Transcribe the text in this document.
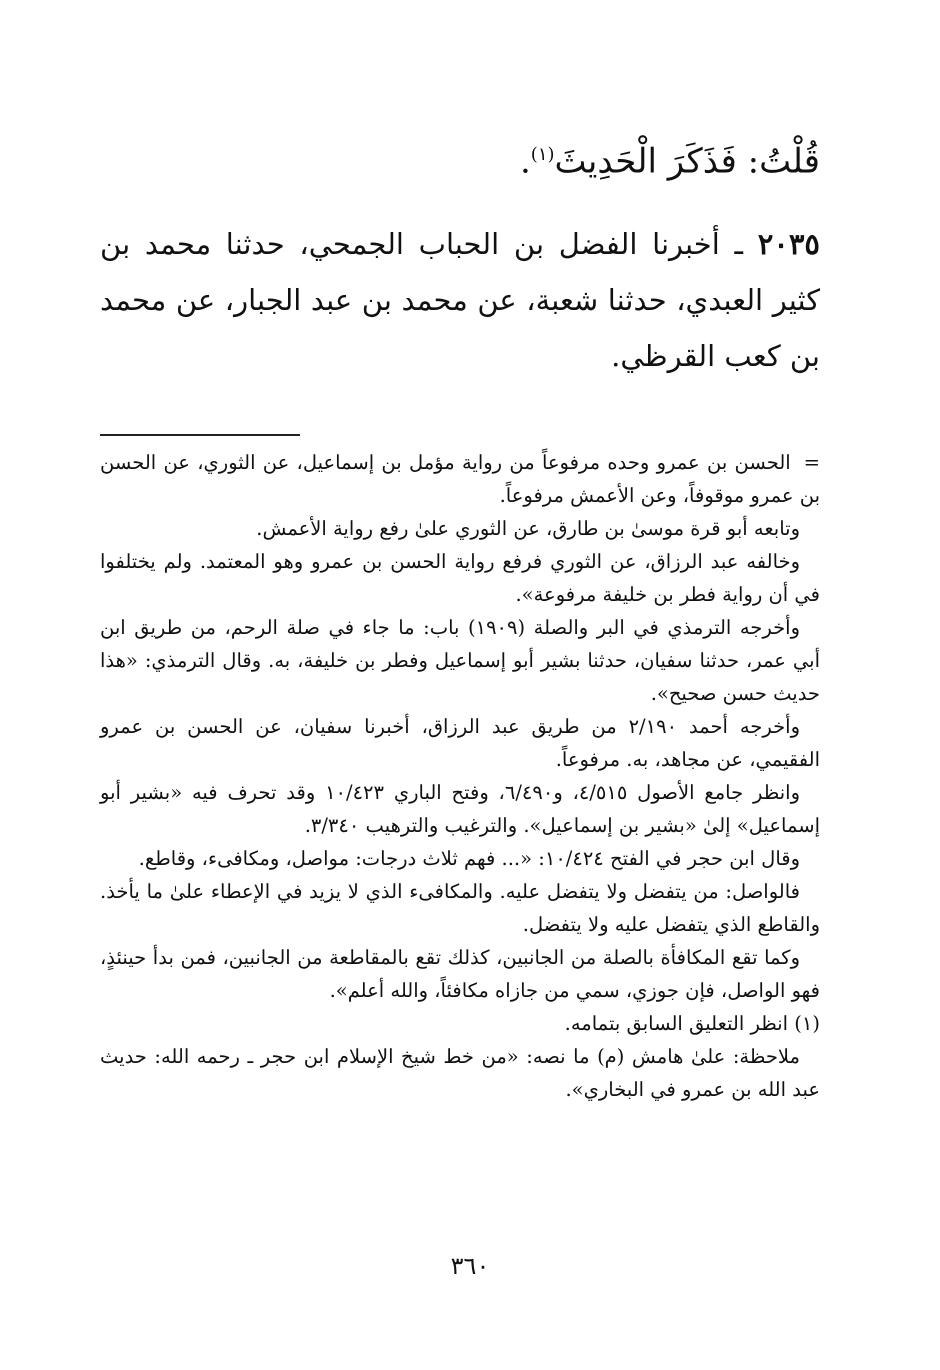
قُلْتُ: فَذَكَرَ الْحَدِيثَ$^{(١)}$.

٢٠٣٥ ـ أخبرنا الفضل بن الحباب الجمحي، حدثنا محمد بن كثير العبدي، حدثنا شعبة، عن محمد بن عبد الجبار، عن محمد بن كعب القرظي.

= الحسن بن عمرو وحده مرفوعاً من رواية مؤمل بن إسماعيل، عن الثوري، عن الحسن بن عمرو موقوفاً، وعن الأعمش مرفوعاً.

وتابعه أبو قرة موسىٰ بن طارق، عن الثوري علىٰ رفع رواية الأعمش.

وخالفه عبد الرزاق، عن الثوري فرفع رواية الحسن بن عمرو وهو المعتمد. ولم يختلفوا في أن رواية فطر بن خليفة مرفوعة».

وأخرجه الترمذي في البر والصلة (١٩٠٩) باب: ما جاء في صلة الرحم، من طريق ابن أبي عمر، حدثنا سفيان، حدثنا بشير أبو إسماعيل وفطر بن خليفة، به. وقال الترمذي: «هذا حديث حسن صحيح».

وأخرجه أحمد ٢/١٩٠ من طريق عبد الرزاق، أخبرنا سفيان، عن الحسن بن عمرو الفقيمي، عن مجاهد، به. مرفوعاً.

وانظر جامع الأصول ٤/٥١٥، و٦/٤٩٠، وفتح الباري ١٠/٤٢٣ وقد تحرف فيه «بشير أبو إسماعيل» إلىٰ «بشير بن إسماعيل». والترغيب والترهيب ٣/٣٤٠.

وقال ابن حجر في الفتح ١٠/٤٢٤: «... فهم ثلاث درجات: مواصل، ومكافىء، وقاطع.

فالواصل: من يتفضل ولا يتفضل عليه. والمكافىء الذي لا يزيد في الإعطاء علىٰ ما يأخذ. والقاطع الذي يتفضل عليه ولا يتفضل.

وكما تقع المكافأة بالصلة من الجانبين، كذلك تقع بالمقاطعة من الجانبين، فمن بدأ حينئذٍ، فهو الواصل، فإن جوزي، سمي من جازاه مكافئاً، والله أعلم».

(١) انظر التعليق السابق بتمامه.

ملاحظة: علىٰ هامش (م) ما نصه: «من خط شيخ الإسلام ابن حجر ـ رحمه الله: حديث عبد الله بن عمرو في البخاري».

٣٦٠
